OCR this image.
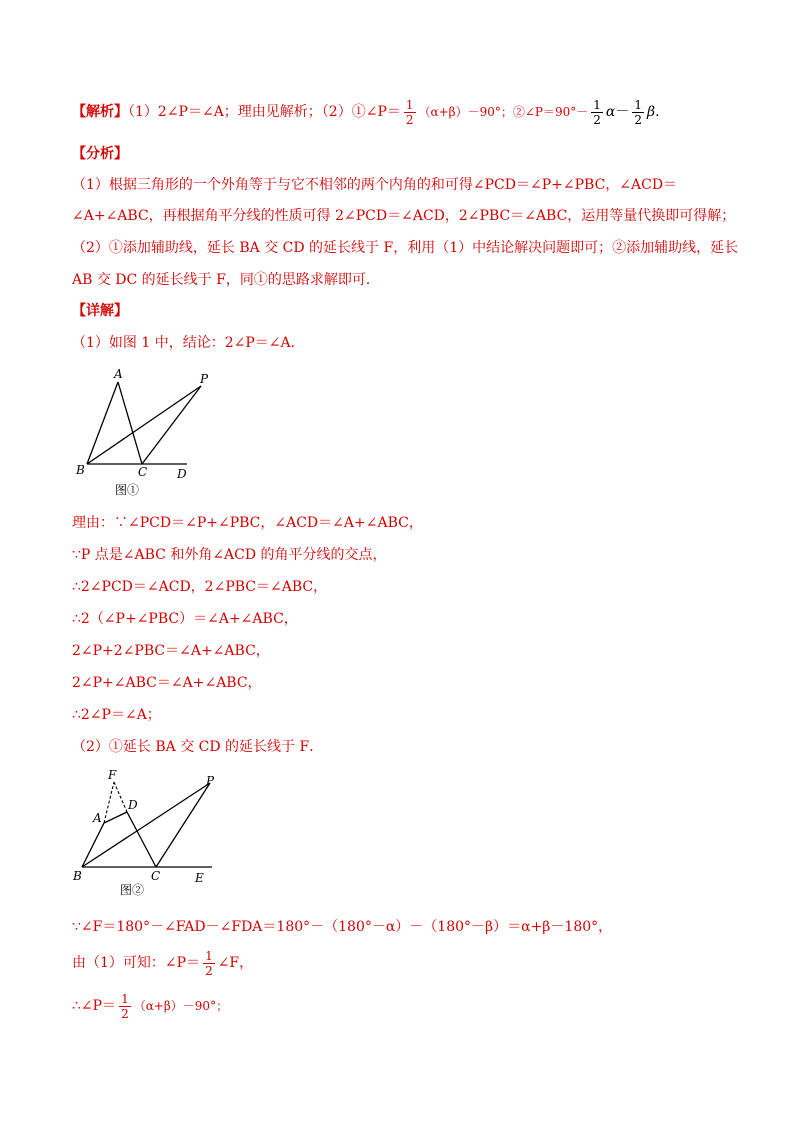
【解析】（1）2∠P＝∠A；理由见解析；（2）①∠P＝ $\frac{1}{2} (\alpha+\beta)-90^\circ$；②∠P＝90°－ $\frac{1}{2} \alpha- \frac{1}{2} \beta$.
【分析】
（1）根据三角形的一个外角等于与它不相邻的两个内角的和可得∠PCD＝∠P+∠PBC，∠ACD＝
∠A+∠ABC，再根据角平分线的性质可得 2∠PCD＝∠ACD，2∠PBC＝∠ABC，运用等量代换即可得解；
（2）①添加辅助线，延长 BA 交 CD 的延长线于 F，利用（1）中结论解决问题即可；②添加辅助线，延长
AB 交 DC 的延长线于 F，同①的思路求解即可．
【详解】
（1）如图 1 中，结论：2∠P＝∠A．
A	P
B	C D
图①
理由：∵∠PCD＝∠P+∠PBC，∠ACD＝∠A+∠ABC，
∵P 点是∠ABC 和外角∠ACD 的角平分线的交点，
∴2∠PCD＝∠ACD，2∠PBC＝∠ABC，
∴2（∠P+∠PBC）＝∠A+∠ABC，
2∠P+2∠PBC＝∠A+∠ABC，
2∠P+∠ABC＝∠A+∠ABC，
∴2∠P＝∠A；
（2）①延长 BA 交 CD 的延长线于 F．
F	P
D
A
B	C	E
图②
∵∠F＝180°－∠FAD－∠FDA＝180°－（180°－α）－（180°－β）＝α+β－180°，
由（1）可知：∠P＝ $\frac{1}{2}$ ∠F，
∴∠P＝ $\frac{1}{2} (\alpha+\beta)-90^\circ$；
